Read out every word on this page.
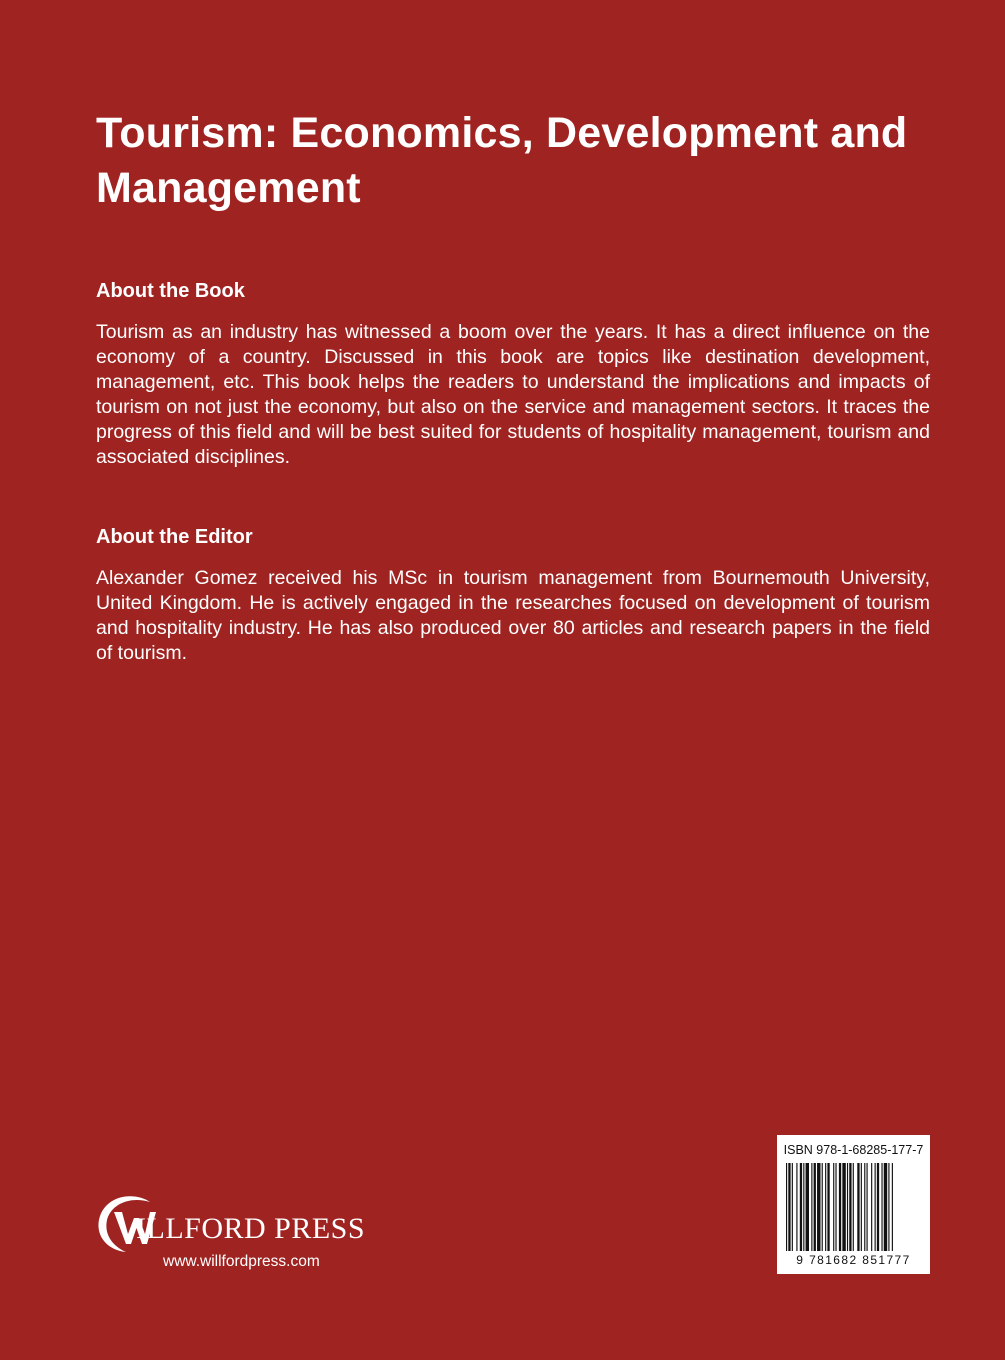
Tourism: Economics, Development and Management
About the Book

Tourism as an industry has witnessed a boom over the years. It has a direct influence on the economy of a country. Discussed in this book are topics like destination development, management, etc. This book helps the readers to understand the implications and impacts of tourism on not just the economy, but also on the service and management sectors. It traces the progress of this field and will be best suited for students of hospitality management, tourism and associated disciplines.

About the Editor

Alexander Gomez received his MSc in tourism management from Bournemouth University, United Kingdom. He is actively engaged in the researches focused on development of tourism and hospitality industry. He has also produced over 80 articles and research papers in the field of tourism.

ILLFORD PRESS
www.willfordpress.com
ISBN 978-1-68285-177-7
9 781682 851777
